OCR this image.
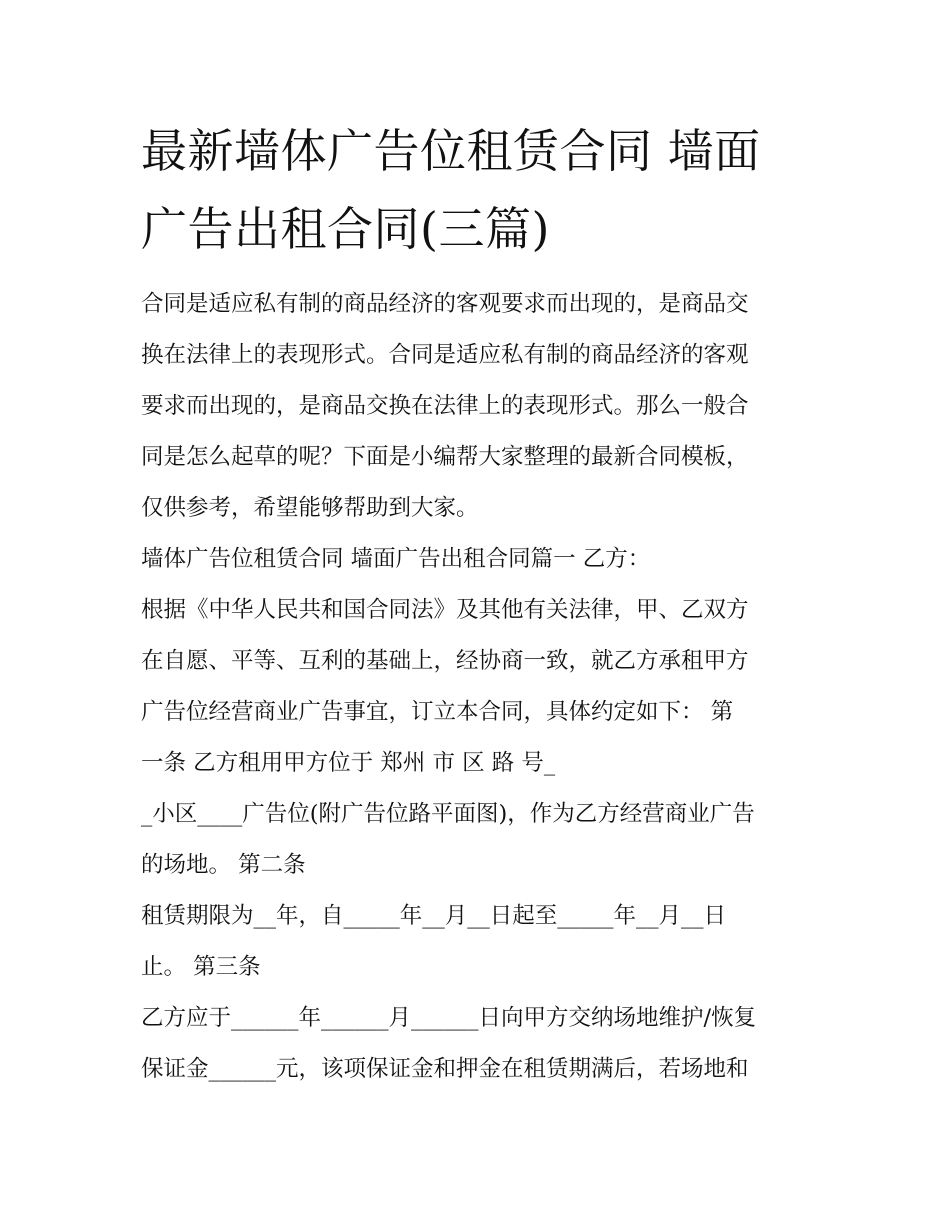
最新墙体广告位租赁合同 墙面
广告出租合同(三篇)
合同是适应私有制的商品经济的客观要求而出现的，是商品交
换在法律上的表现形式。合同是适应私有制的商品经济的客观
要求而出现的，是商品交换在法律上的表现形式。那么一般合
同是怎么起草的呢？下面是小编帮大家整理的最新合同模板，
仅供参考，希望能够帮助到大家。
墙体广告位租赁合同 墙面广告出租合同篇一 乙方：
根据《中华人民共和国合同法》及其他有关法律，甲、乙双方
在自愿、平等、互利的基础上，经协商一致，就乙方承租甲方
广告位经营商业广告事宜，订立本合同，具体约定如下： 第
一条 乙方租用甲方位于 郑州 市 区 路 号_
_小区____广告位(附广告位路平面图)，作为乙方经营商业广告
的场地。 第二条
租赁期限为__年，自_____年__月__日起至_____年__月__日
止。 第三条
乙方应于______年______月______日向甲方交纳场地维护/恢复
保证金______元，该项保证金和押金在租赁期满后，若场地和
